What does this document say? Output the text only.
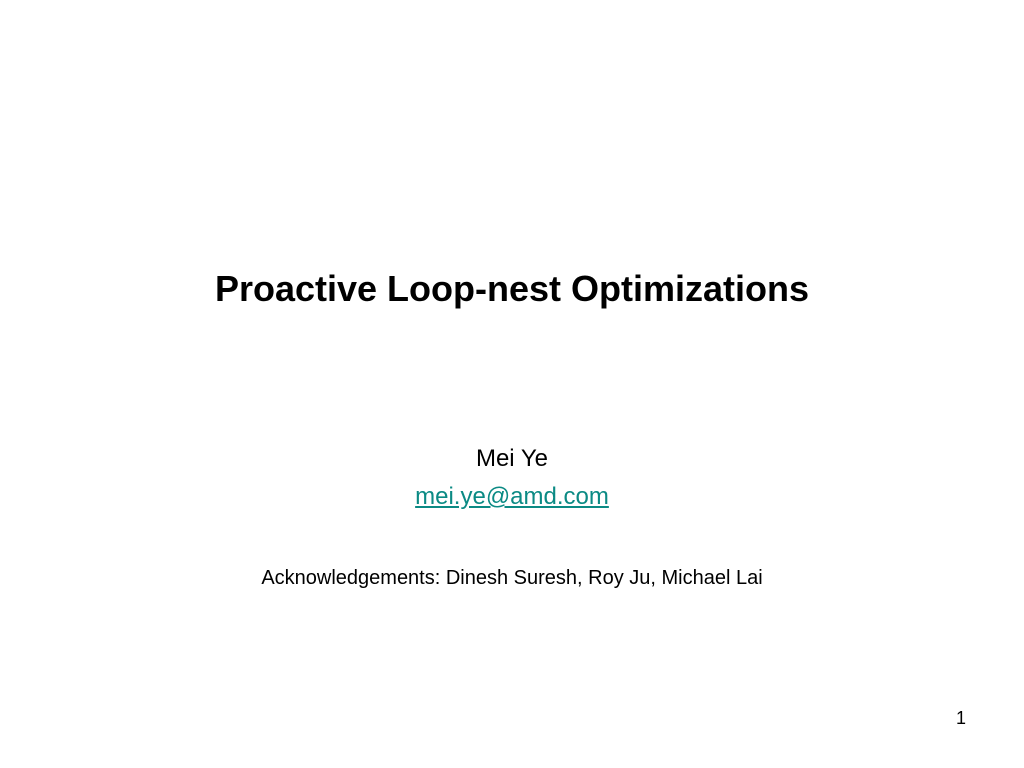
Proactive Loop-nest Optimizations
Mei Ye
mei.ye@amd.com
Acknowledgements: Dinesh Suresh, Roy Ju, Michael Lai
1
